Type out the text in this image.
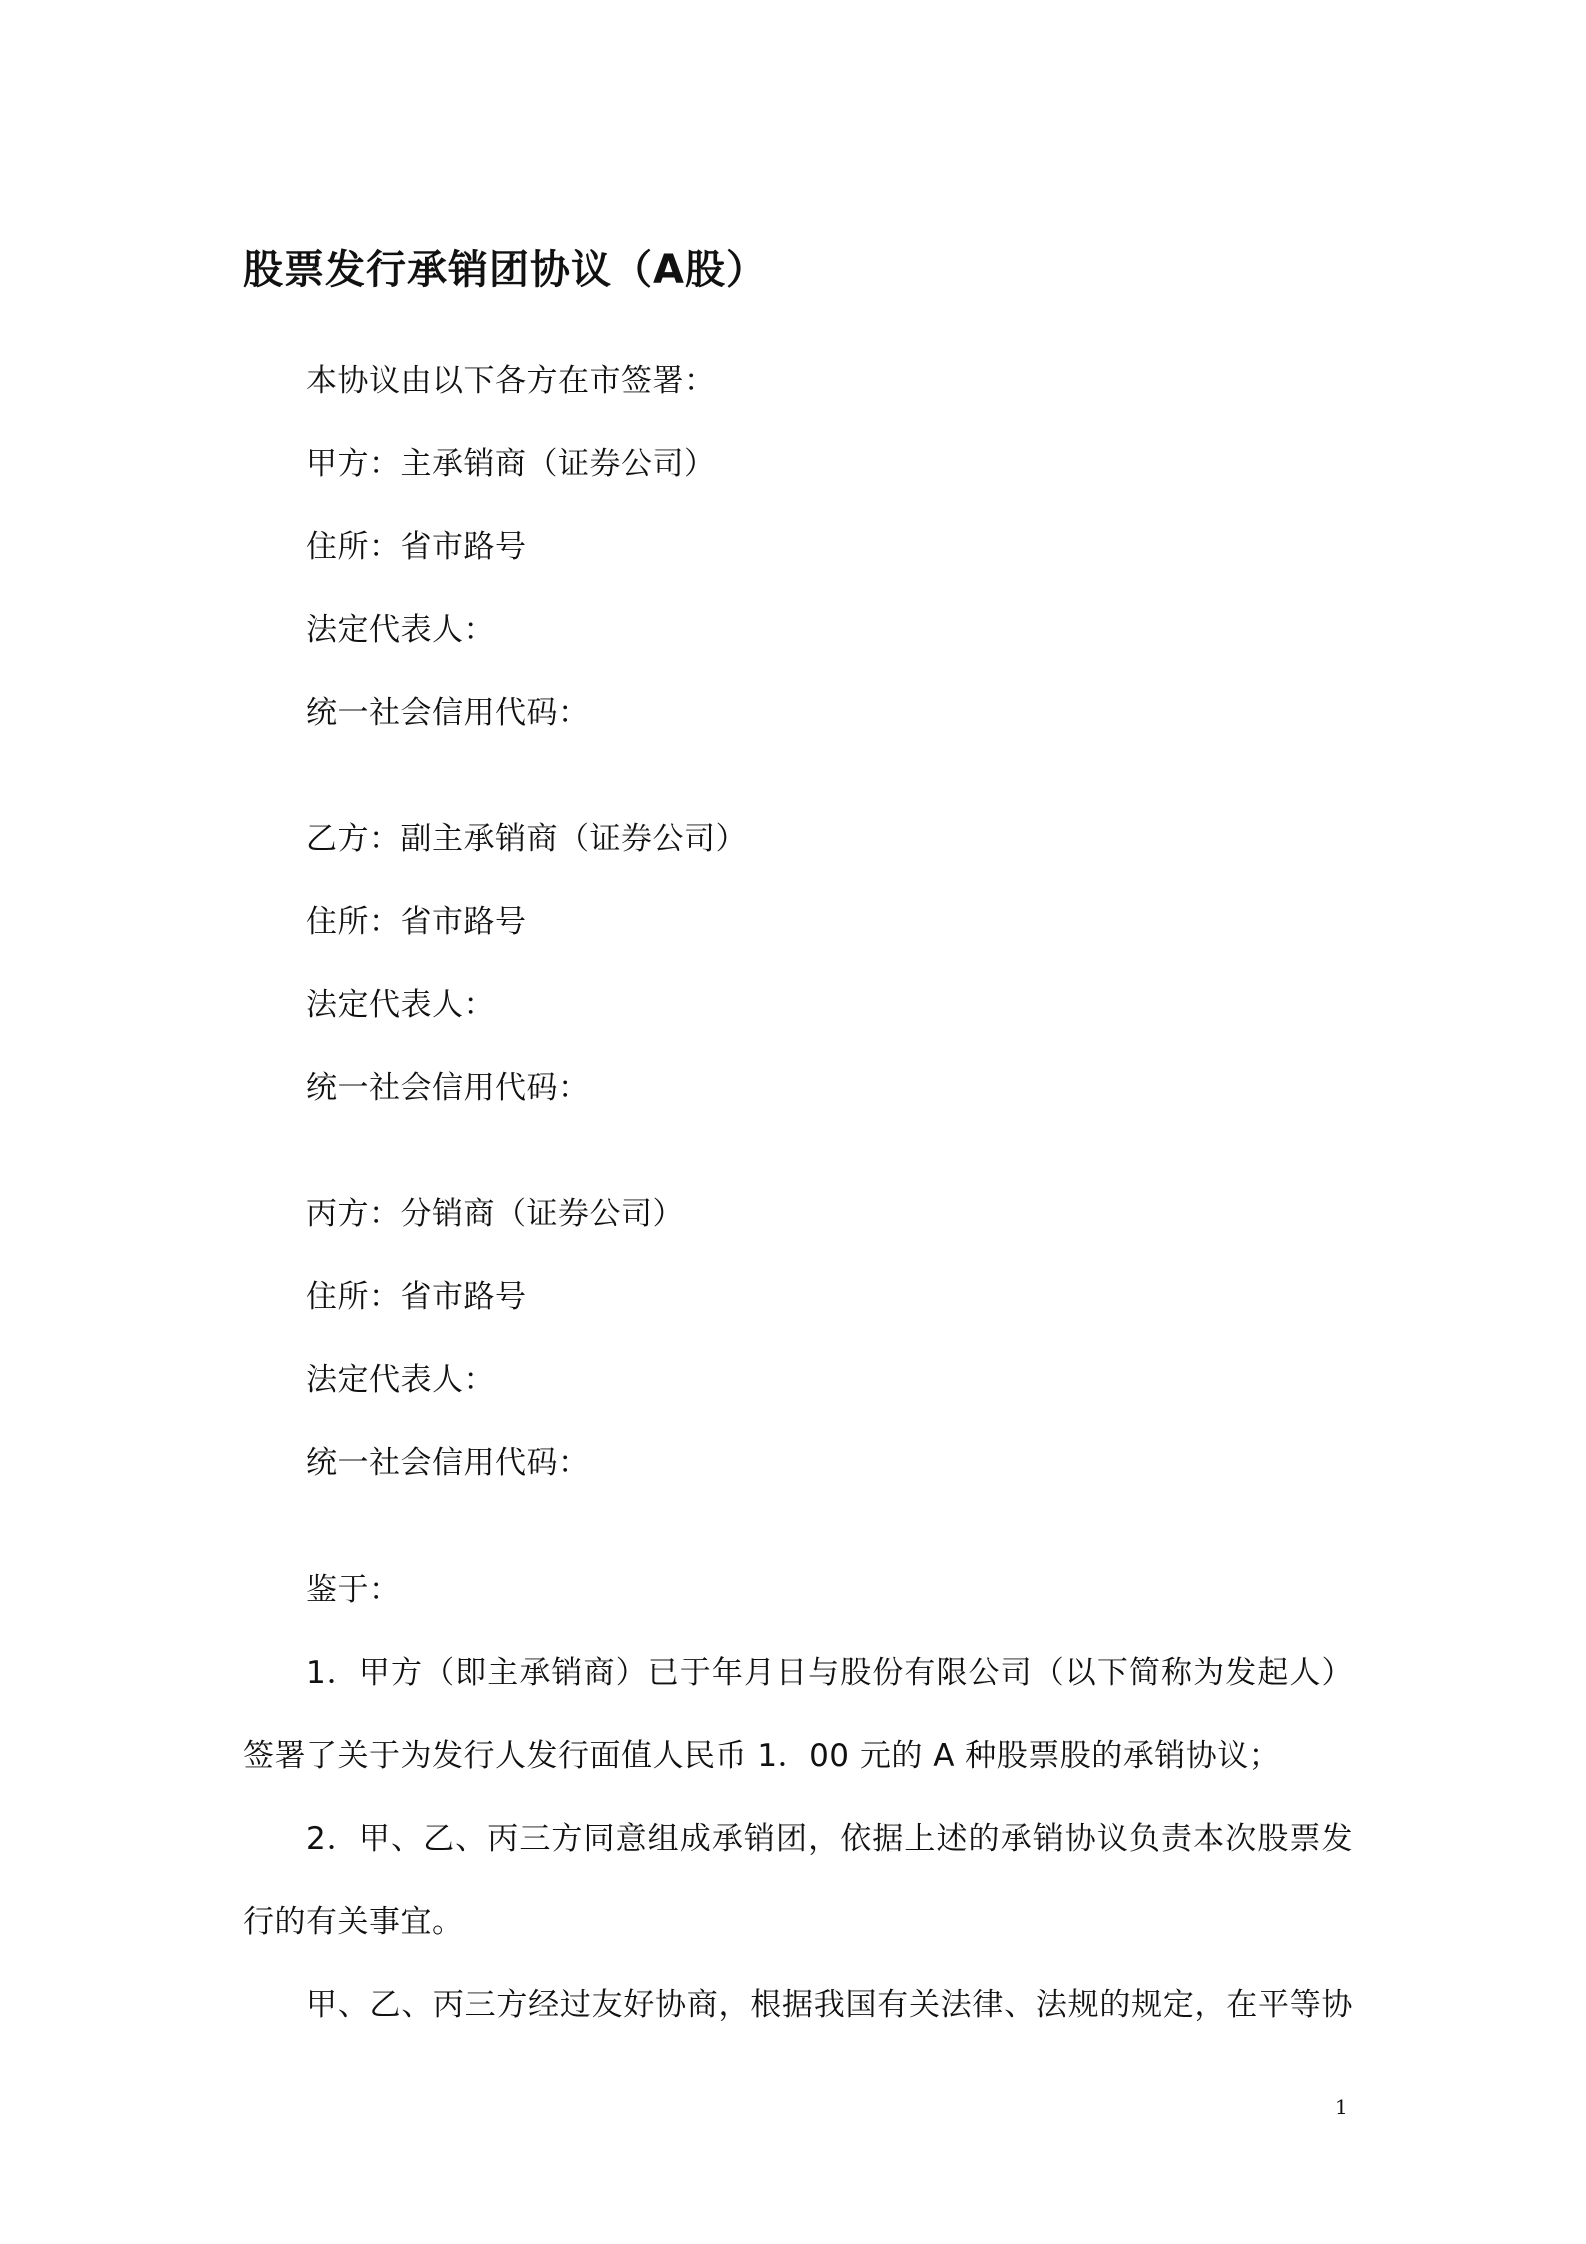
股票发行承销团协议（A股）
本协议由以下各方在市签署：
甲方：主承销商（证券公司）
住所：省市路号
法定代表人：
统一社会信用代码：
乙方：副主承销商（证券公司）
住所：省市路号
法定代表人：
统一社会信用代码：
丙方：分销商（证券公司）
住所：省市路号
法定代表人：
统一社会信用代码：
鉴于：
1．甲方（即主承销商）已于年月日与股份有限公司（以下简称为发起人）
签署了关于为发行人发行面值人民币 1．00 元的 A 种股票股的承销协议；
2．甲、乙、丙三方同意组成承销团，依据上述的承销协议负责本次股票发
行的有关事宜。
甲、乙、丙三方经过友好协商，根据我国有关法律、法规的规定，在平等协
1
